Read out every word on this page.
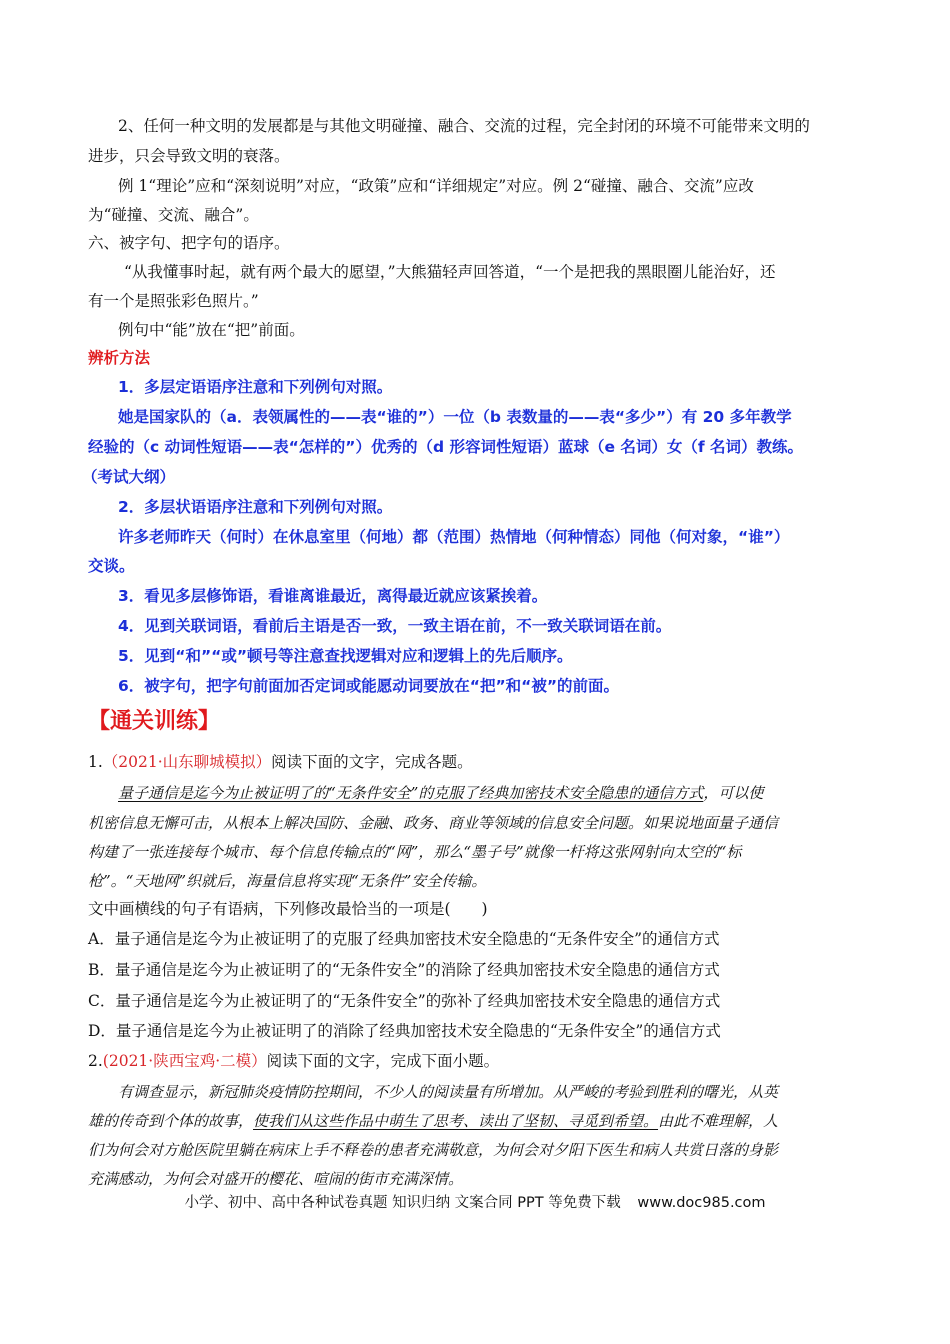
2、任何一种文明的发展都是与其他文明碰撞、融合、交流的过程，完全封闭的环境不可能带来文明的
进步，只会导致文明的衰落。
例 1“理论”应和“深刻说明”对应，“政策”应和“详细规定”对应。例 2“碰撞、融合、交流”应改
为“碰撞、交流、融合”。
六、被字句、把字句的语序。
“从我懂事时起，就有两个最大的愿望，”大熊猫轻声回答道，“一个是把我的黑眼圈儿能治好，还
有一个是照张彩色照片。”
例句中“能”放在“把”前面。
辨析方法
1．多层定语语序注意和下列例句对照。
她是国家队的（a．表领属性的——表“谁的”）一位（b 表数量的——表“多少”）有 20 多年教学
经验的（c 动词性短语——表“怎样的”）优秀的（d 形容词性短语）蓝球（e 名词）女（f 名词）教练。
（考试大纲）
2．多层状语语序注意和下列例句对照。
许多老师昨天（何时）在休息室里（何地）都（范围）热情地（何种情态）同他（何对象，“谁”）
交谈。
3．看见多层修饰语，看谁离谁最近，离得最近就应该紧挨着。
4．见到关联词语，看前后主语是否一致，一致主语在前，不一致关联词语在前。
5．见到“和”“或”顿号等注意查找逻辑对应和逻辑上的先后顺序。
6．被字句，把字句前面加否定词或能愿动词要放在“把”和“被”的前面。
【通关训练】
1.（2021·山东聊城模拟）阅读下面的文字，完成各题。
量子通信是迄今为止被证明了的“无条件安全”的克服了经典加密技术安全隐患的通信方式，可以使
机密信息无懈可击，从根本上解决国防、金融、政务、商业等领域的信息安全问题。如果说地面量子通信
构建了一张连接每个城市、每个信息传输点的“网”，那么“墨子号”就像一杆将这张网射向太空的“标
枪”。“天地网”织就后，海量信息将实现“无条件”安全传输。
文中画横线的句子有语病，下列修改最恰当的一项是(　　)
A．量子通信是迄今为止被证明了的克服了经典加密技术安全隐患的“无条件安全”的通信方式
B．量子通信是迄今为止被证明了的“无条件安全”的消除了经典加密技术安全隐患的通信方式
C．量子通信是迄今为止被证明了的“无条件安全”的弥补了经典加密技术安全隐患的通信方式
D．量子通信是迄今为止被证明了的消除了经典加密技术安全隐患的“无条件安全”的通信方式
2.(2021·陕西宝鸡·二模）阅读下面的文字，完成下面小题。
有调查显示，新冠肺炎疫情防控期间，不少人的阅读量有所增加。从严峻的考验到胜利的曙光，从英
雄的传奇到个体的故事，使我们从这些作品中萌生了思考、读出了坚韧、寻觅到希望。由此不难理解，人
们为何会对方舱医院里躺在病床上手不释卷的患者充满敬意，为何会对夕阳下医生和病人共赏日落的身影
充满感动，为何会对盛开的樱花、喧闹的街市充满深情。
小学、初中、高中各种试卷真题 知识归纳 文案合同 PPT 等免费下载 www.doc985.com
